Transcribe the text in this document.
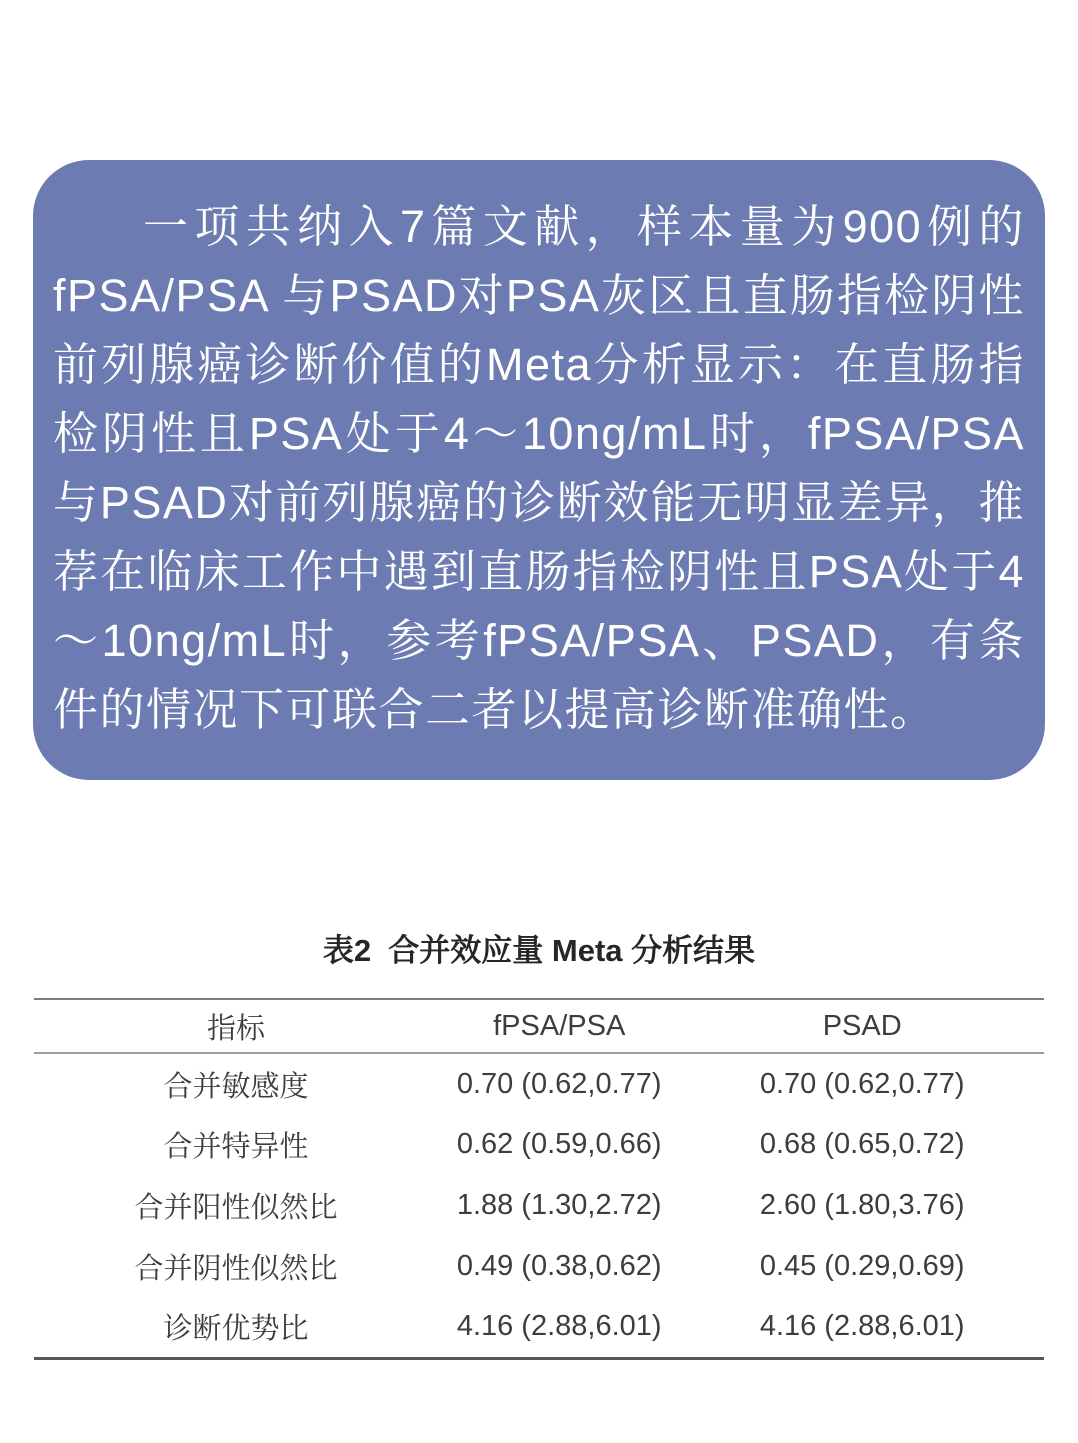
一项共纳入7篇文献，样本量为900例的fPSA/PSA 与PSAD对PSA灰区且直肠指检阴性前列腺癌诊断价值的Meta分析显示：在直肠指检阴性且PSA处于4～10ng/mL时，fPSA/PSA与PSAD对前列腺癌的诊断效能无明显差异，推荐在临床工作中遇到直肠指检阴性且PSA处于4～10ng/mL时，参考fPSA/PSA、PSAD，有条件的情况下可联合二者以提高诊断准确性。

表2  合并效应量 Meta 分析结果
指标	fPSA/PSA	PSAD
合并敏感度	0.70 (0.62,0.77)	0.70 (0.62,0.77)
合并特异性	0.62 (0.59,0.66)	0.68 (0.65,0.72)
合并阳性似然比	1.88 (1.30,2.72)	2.60 (1.80,3.76)
合并阴性似然比	0.49 (0.38,0.62)	0.45 (0.29,0.69)
诊断优势比	4.16 (2.88,6.01)	4.16 (2.88,6.01)
